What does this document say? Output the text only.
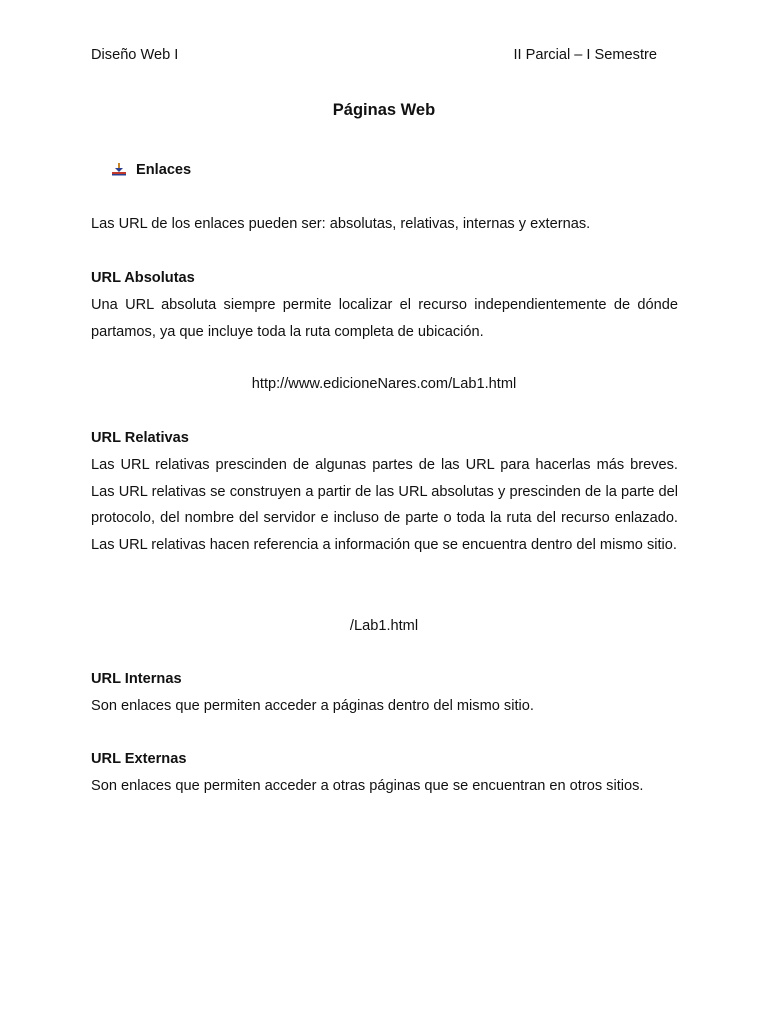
Diseño Web I	II Parcial – I Semestre
Páginas Web
Enlaces
Las URL de los enlaces pueden ser: absolutas, relativas, internas y externas.
URL Absolutas
Una URL absoluta siempre permite localizar el recurso independientemente de dónde partamos, ya que incluye toda la ruta completa de ubicación.
http://www.edicioneNares.com/Lab1.html
URL Relativas
Las URL relativas prescinden de algunas partes de las URL para hacerlas más breves. Las URL relativas se construyen a partir de las URL absolutas y prescinden de la parte del protocolo, del nombre del servidor e incluso de parte o toda la ruta del recurso enlazado. Las URL relativas hacen referencia a información que se encuentra dentro del mismo sitio.
/Lab1.html
URL Internas
Son enlaces que permiten acceder a páginas dentro del mismo sitio.
URL Externas
Son enlaces que permiten acceder a otras páginas que se encuentran en otros sitios.
